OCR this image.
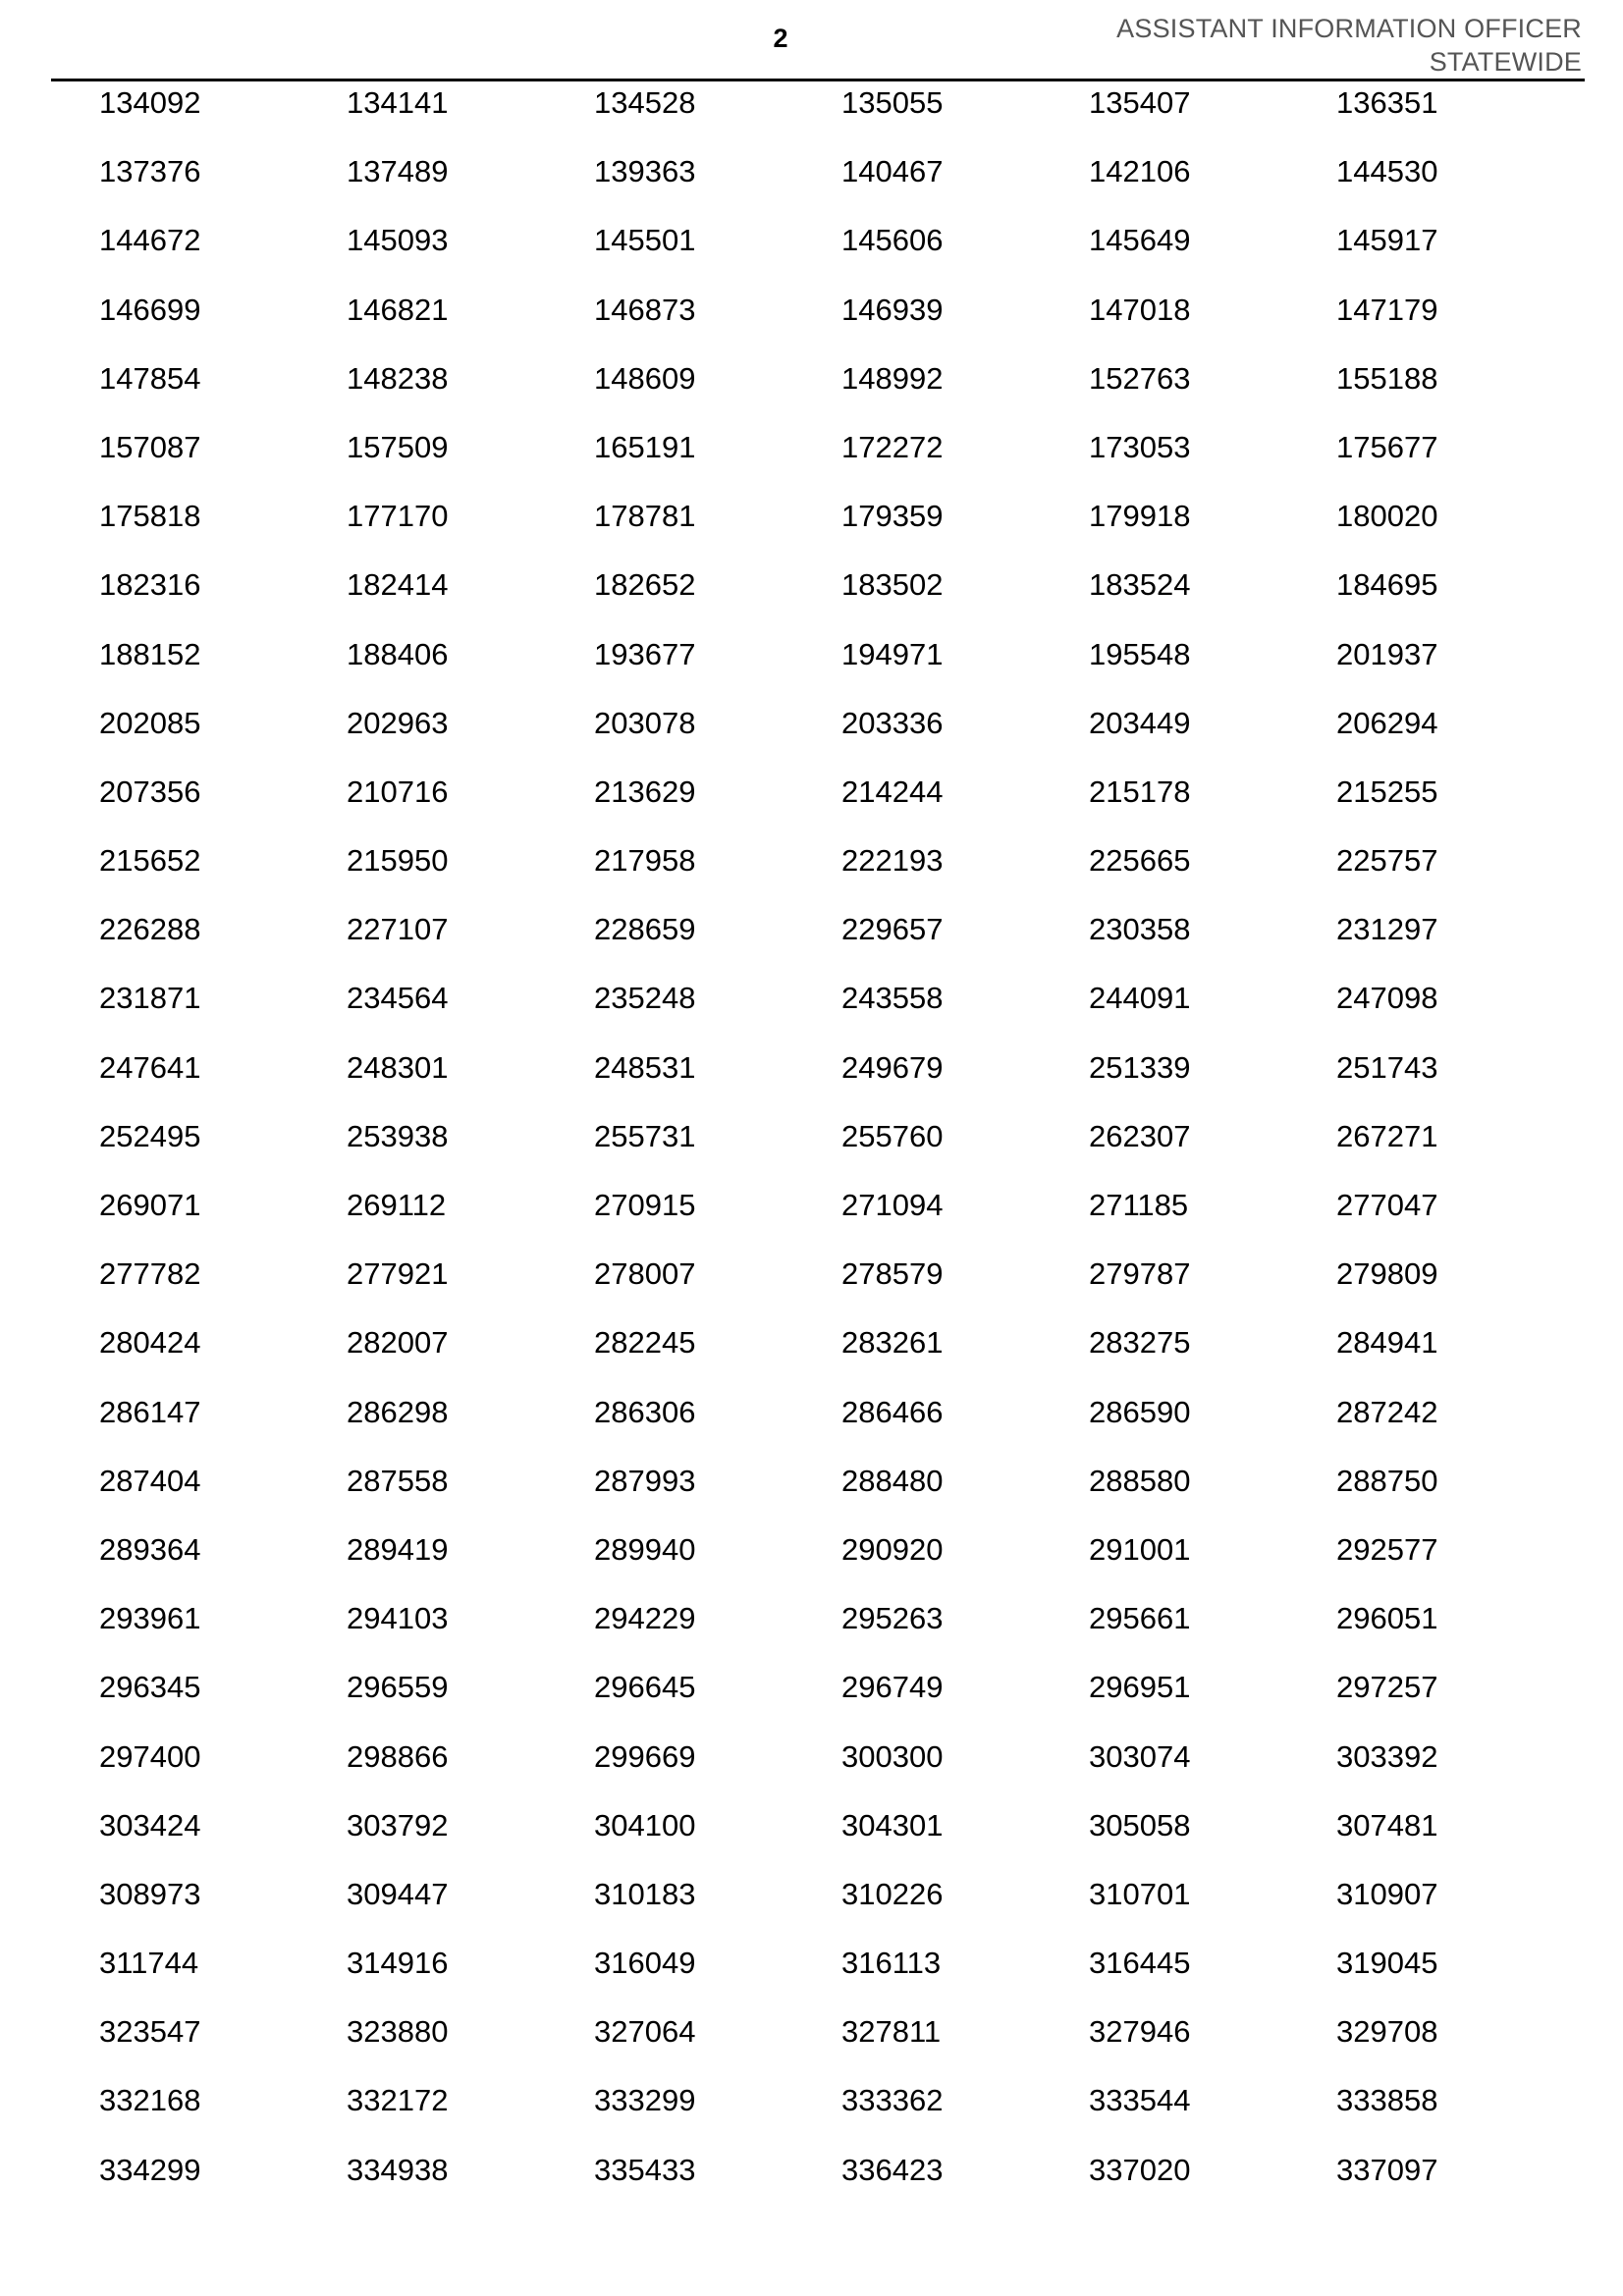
2	ASSISTANT INFORMATION OFFICER
STATEWIDE
134092	134141	134528	135055	135407	136351
137376	137489	139363	140467	142106	144530
144672	145093	145501	145606	145649	145917
146699	146821	146873	146939	147018	147179
147854	148238	148609	148992	152763	155188
157087	157509	165191	172272	173053	175677
175818	177170	178781	179359	179918	180020
182316	182414	182652	183502	183524	184695
188152	188406	193677	194971	195548	201937
202085	202963	203078	203336	203449	206294
207356	210716	213629	214244	215178	215255
215652	215950	217958	222193	225665	225757
226288	227107	228659	229657	230358	231297
231871	234564	235248	243558	244091	247098
247641	248301	248531	249679	251339	251743
252495	253938	255731	255760	262307	267271
269071	269112	270915	271094	271185	277047
277782	277921	278007	278579	279787	279809
280424	282007	282245	283261	283275	284941
286147	286298	286306	286466	286590	287242
287404	287558	287993	288480	288580	288750
289364	289419	289940	290920	291001	292577
293961	294103	294229	295263	295661	296051
296345	296559	296645	296749	296951	297257
297400	298866	299669	300300	303074	303392
303424	303792	304100	304301	305058	307481
308973	309447	310183	310226	310701	310907
311744	314916	316049	316113	316445	319045
323547	323880	327064	327811	327946	329708
332168	332172	333299	333362	333544	333858
334299	334938	335433	336423	337020	337097
